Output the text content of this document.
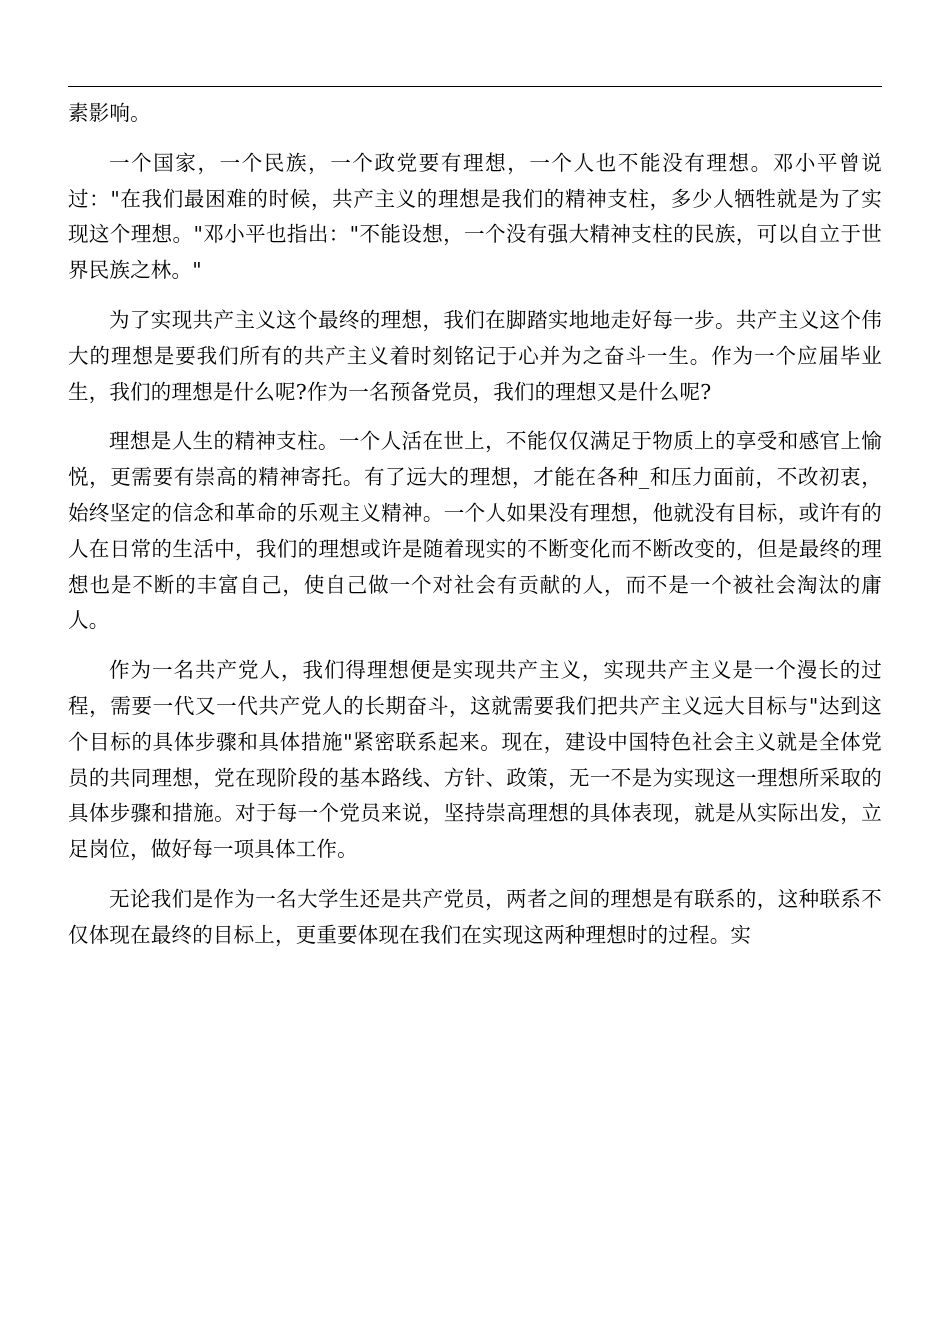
素影响。

一个国家，一个民族，一个政党要有理想，一个人也不能没有理想。邓小平曾说过："在我们最困难的时候，共产主义的理想是我们的精神支柱，多少人牺牲就是为了实现这个理想。"邓小平也指出："不能设想，一个没有强大精神支柱的民族，可以自立于世界民族之林。"

为了实现共产主义这个最终的理想，我们在脚踏实地地走好每一步。共产主义这个伟大的理想是要我们所有的共产主义着时刻铭记于心并为之奋斗一生。作为一个应届毕业生，我们的理想是什么呢?作为一名预备党员，我们的理想又是什么呢?

理想是人生的精神支柱。一个人活在世上，不能仅仅满足于物质上的享受和感官上愉悦，更需要有崇高的精神寄托。有了远大的理想，才能在各种_和压力面前，不改初衷，始终坚定的信念和革命的乐观主义精神。一个人如果没有理想，他就没有目标，或许有的人在日常的生活中，我们的理想或许是随着现实的不断变化而不断改变的，但是最终的理想也是不断的丰富自己，使自己做一个对社会有贡献的人，而不是一个被社会淘汰的庸人。

作为一名共产党人，我们得理想便是实现共产主义，实现共产主义是一个漫长的过程，需要一代又一代共产党人的长期奋斗，这就需要我们把共产主义远大目标与"达到这个目标的具体步骤和具体措施"紧密联系起来。现在，建设中国特色社会主义就是全体党员的共同理想，党在现阶段的基本路线、方针、政策，无一不是为实现这一理想所采取的具体步骤和措施。对于每一个党员来说，坚持崇高理想的具体表现，就是从实际出发，立足岗位，做好每一项具体工作。

无论我们是作为一名大学生还是共产党员，两者之间的理想是有联系的，这种联系不仅体现在最终的目标上，更重要体现在我们在实现这两种理想时的过程。实
